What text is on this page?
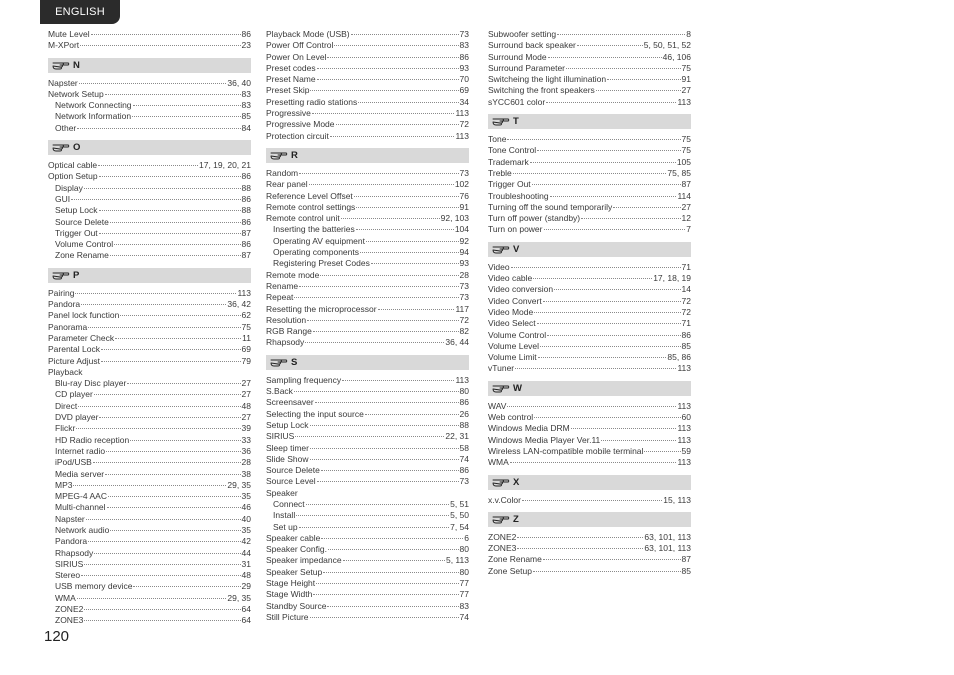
ENGLISH
Mute Level	86
M-XPort	23
N
Napster	36, 40
Network Setup	83
Network Connecting	83
Network Information	85
Other	84
O
Optical cable	17, 19, 20, 21
Option Setup	86
Display	88
GUI	86
Setup Lock	88
Source Delete	86
Trigger Out	87
Volume Control	86
Zone Rename	87
P
Pairing	113
Pandora	36, 42
Panel lock function	62
Panorama	75
Parameter Check	11
Parental Lock	69
Picture Adjust	79
Playback
Blu-ray Disc player	27
CD player	27
Direct	48
DVD player	27
Flickr	39
HD Radio reception	33
Internet radio	36
iPod/USB	28
Media server	38
MP3	29, 35
MPEG-4 AAC	35
Multi-channel	46
Napster	40
Network audio	35
Pandora	42
Rhapsody	44
SIRIUS	31
Stereo	48
USB memory device	29
WMA	29, 35
ZONE2	64
ZONE3	64
Playback Mode (USB)	73
Power Off Control	83
Power On Level	86
Preset codes	93
Preset Name	70
Preset Skip	69
Presetting radio stations	34
Progressive	113
Progressive Mode	72
Protection circuit	113
R
Random	73
Rear panel	102
Reference Level Offset	76
Remote control settings	91
Remote control unit	92, 103
Inserting the batteries	104
Operating AV equipment	92
Operating components	94
Registering Preset Codes	93
Remote mode	28
Rename	73
Repeat	73
Resetting the microprocessor	117
Resolution	72
RGB Range	82
Rhapsody	36, 44
S
Sampling frequency	113
S.Back	80
Screensaver	86
Selecting the input source	26
Setup Lock	88
SIRIUS	22, 31
Sleep timer	58
Slide Show	74
Source Delete	86
Source Level	73
Speaker
Connect	5, 51
Install	5, 50
Set up	7, 54
Speaker cable	6
Speaker Config.	80
Speaker impedance	5, 113
Speaker Setup	80
Stage Height	77
Stage Width	77
Standby Source	83
Still Picture	74
Subwoofer setting	8
Surround back speaker	5, 50, 51, 52
Surround Mode	46, 106
Surround Parameter	75
Switcheing the light illumination	91
Switching the front speakers	27
sYCC601 color	113
T
Tone	75
Tone Control	75
Trademark	105
Treble	75, 85
Trigger Out	87
Troubleshooting	114
Turning off the sound temporarily	27
Turn off power (standby)	12
Turn on power	7
V
Video	71
Video cable	17, 18, 19
Video conversion	14
Video Convert	72
Video Mode	72
Video Select	71
Volume Control	86
Volume Level	85
Volume Limit	85, 86
vTuner	113
W
WAV	113
Web control	60
Windows Media DRM	113
Windows Media Player Ver.11	113
Wireless LAN-compatible mobile terminal	59
WMA	113
X
x.v.Color	15, 113
Z
ZONE2	63, 101, 113
ZONE3	63, 101, 113
Zone Rename	87
Zone Setup	85
120
